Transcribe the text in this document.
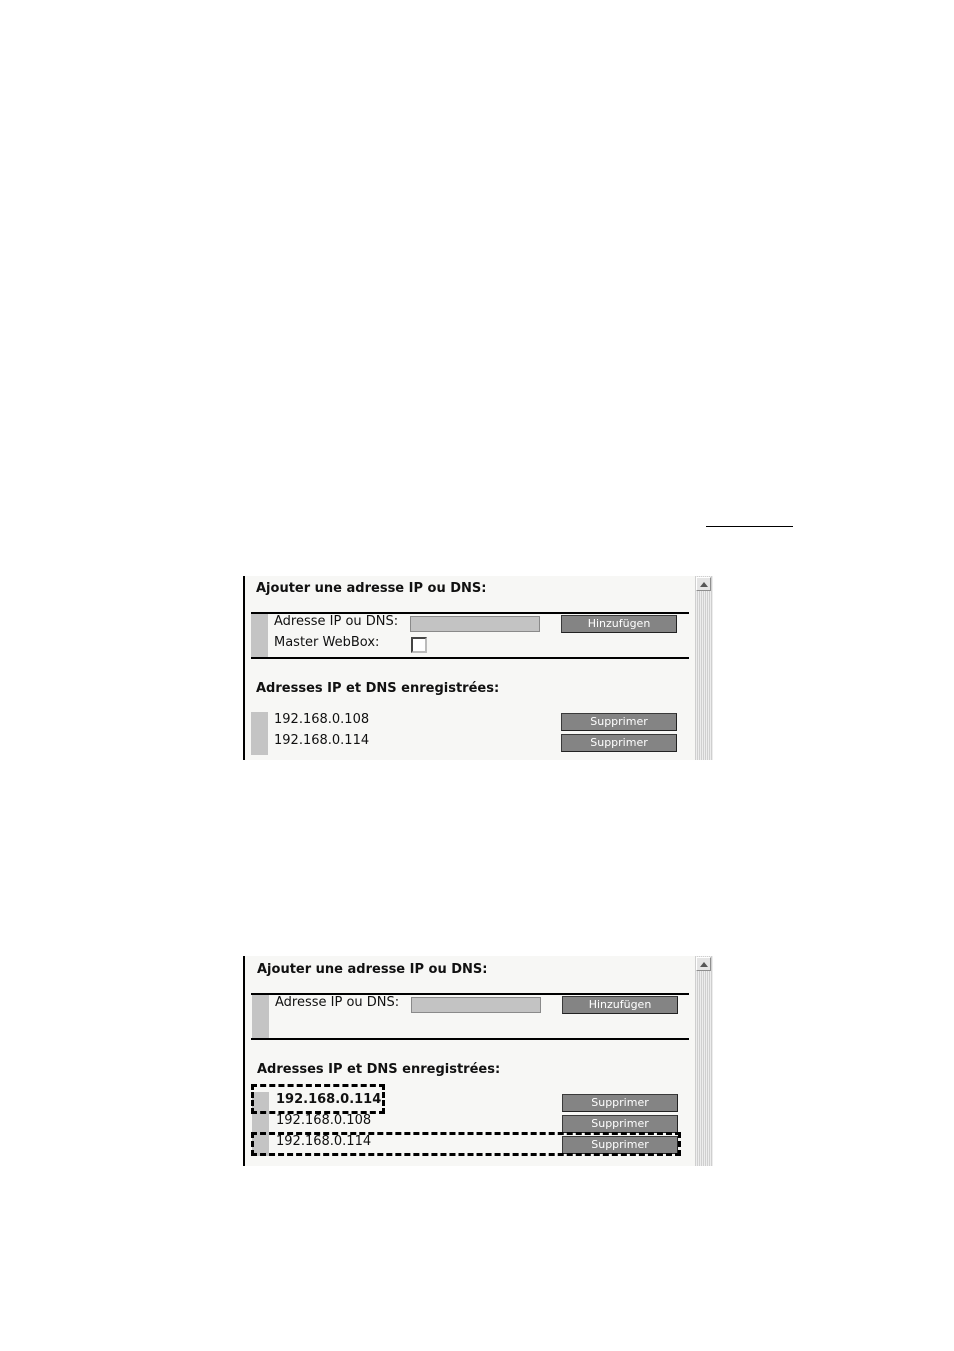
Ajouter une adresse IP ou DNS:
Adresse IP ou DNS:	Hinzufügen
Master WebBox:
Adresses IP et DNS enregistrées:
192.168.0.108	Supprimer
192.168.0.114	Supprimer
Ajouter une adresse IP ou DNS:
Adresse IP ou DNS:	Hinzufügen
Adresses IP et DNS enregistrées:
192.168.0.114	Supprimer
192.168.0.108	Supprimer
192.168.0.114	Supprimer
